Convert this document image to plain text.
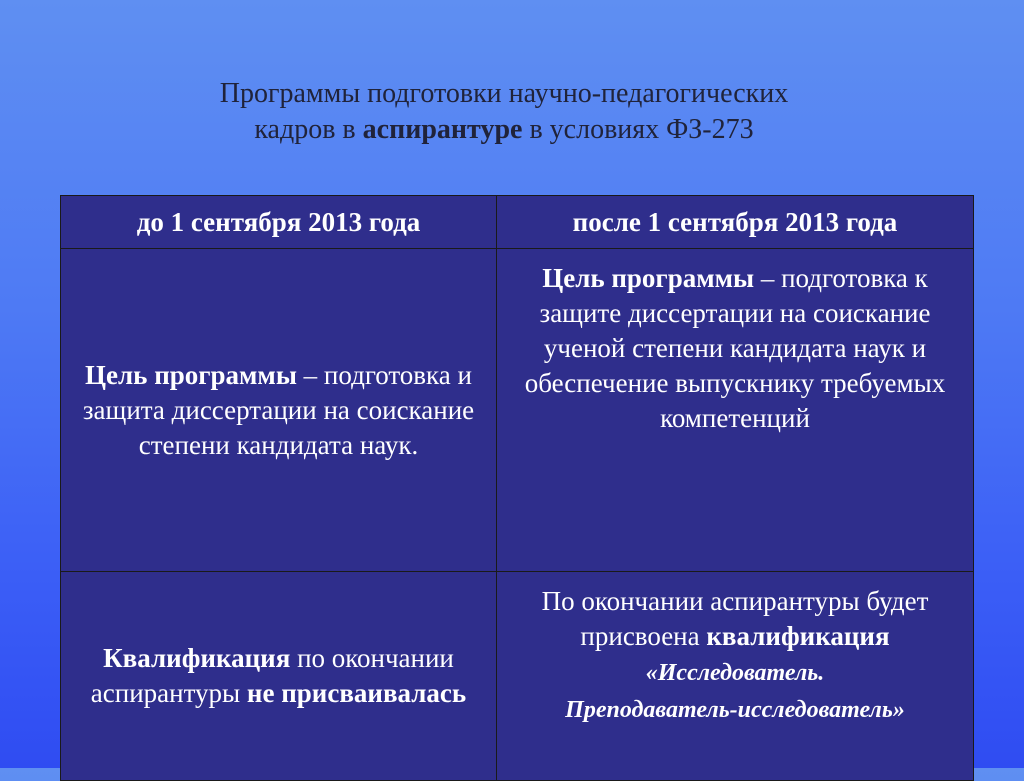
Программы подготовки научно-педагогических
кадров в аспирантуре в условиях ФЗ-273
до 1 сентября 2013 года	после 1 сентября 2013 года
Цель программы – подготовка и защита диссертации на соискание степени кандидата наук.	Цель программы – подготовка к защите диссертации на соискание ученой степени кандидата наук и обеспечение выпускнику требуемых компетенций
Квалификация по окончании аспирантуры не присваивалась	По окончании аспирантуры будет присвоена квалификация «Исследователь.
Преподаватель-исследователь»
